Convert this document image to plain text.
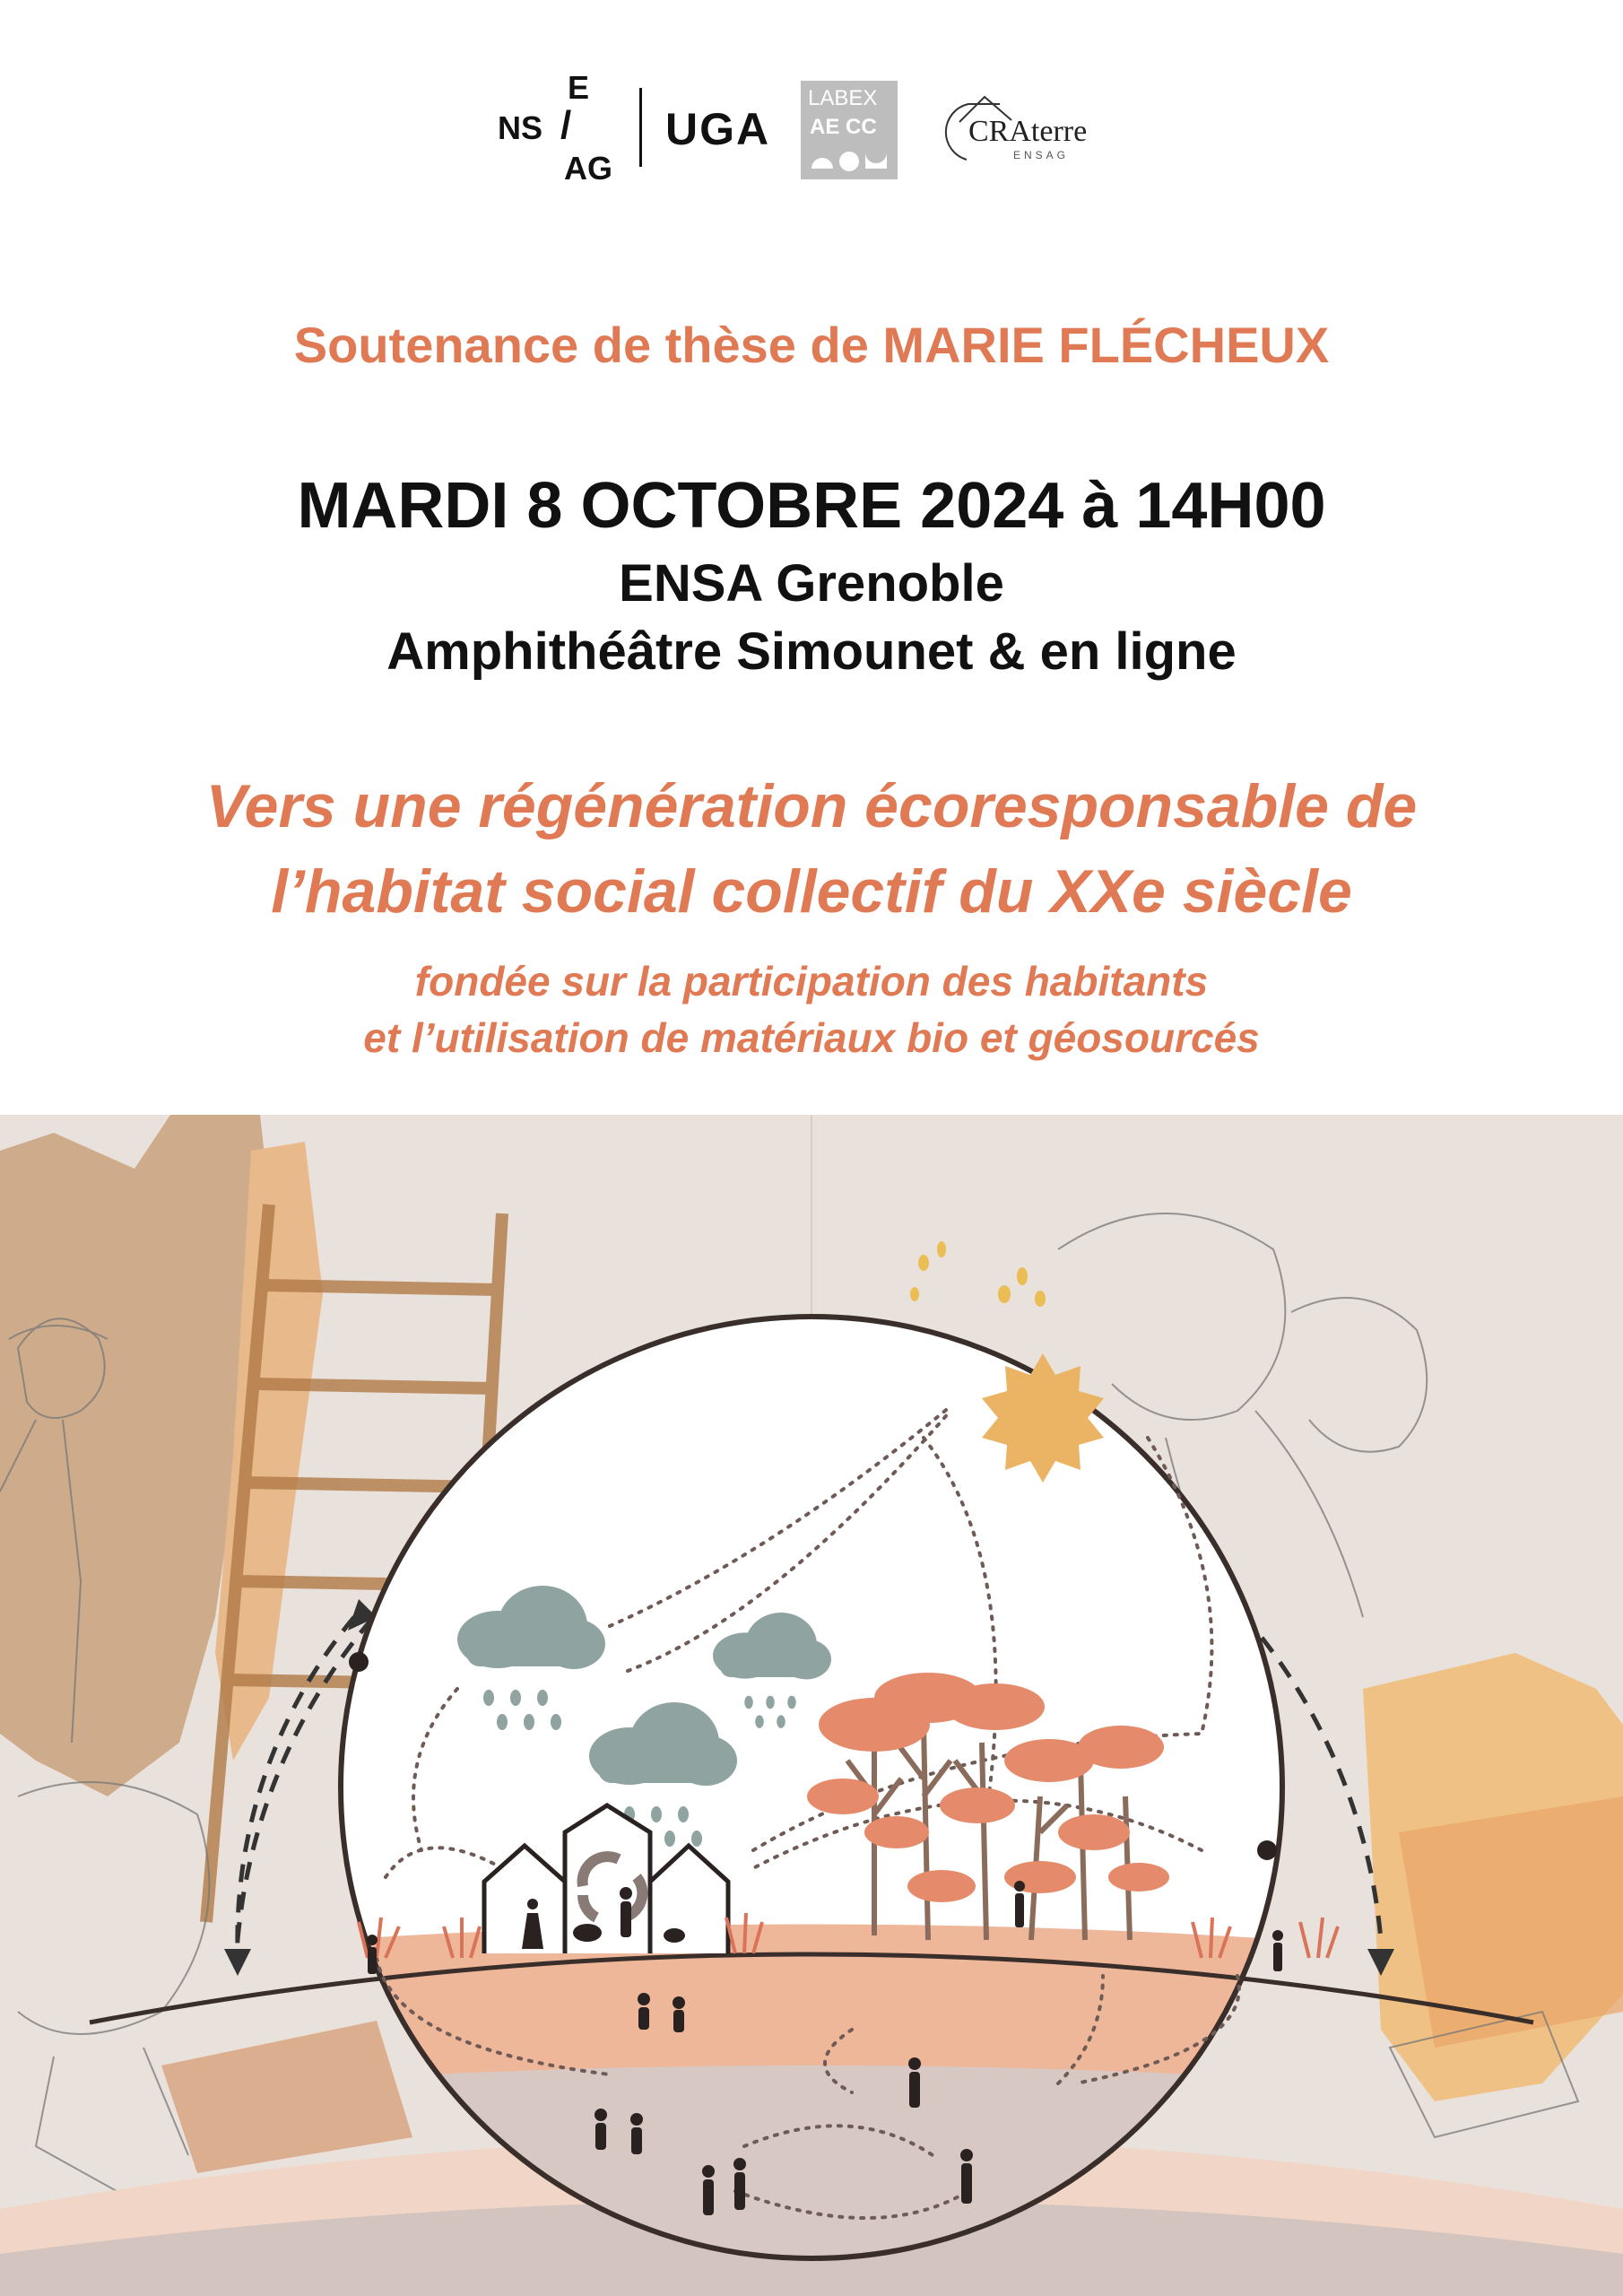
E
NS /
AG
UGA
LABEX
AE CC	CRAterre
ENSAG
Soutenance de thèse de MARIE FLÉCHEUX
MARDI 8 OCTOBRE 2024 à 14H00
ENSA Grenoble
Amphithéâtre Simounet & en ligne
Vers une régénération écoresponsable de
l’habitat social collectif du XXe siècle
fondée sur la participation des habitants
et l’utilisation de matériaux bio et géosourcés
